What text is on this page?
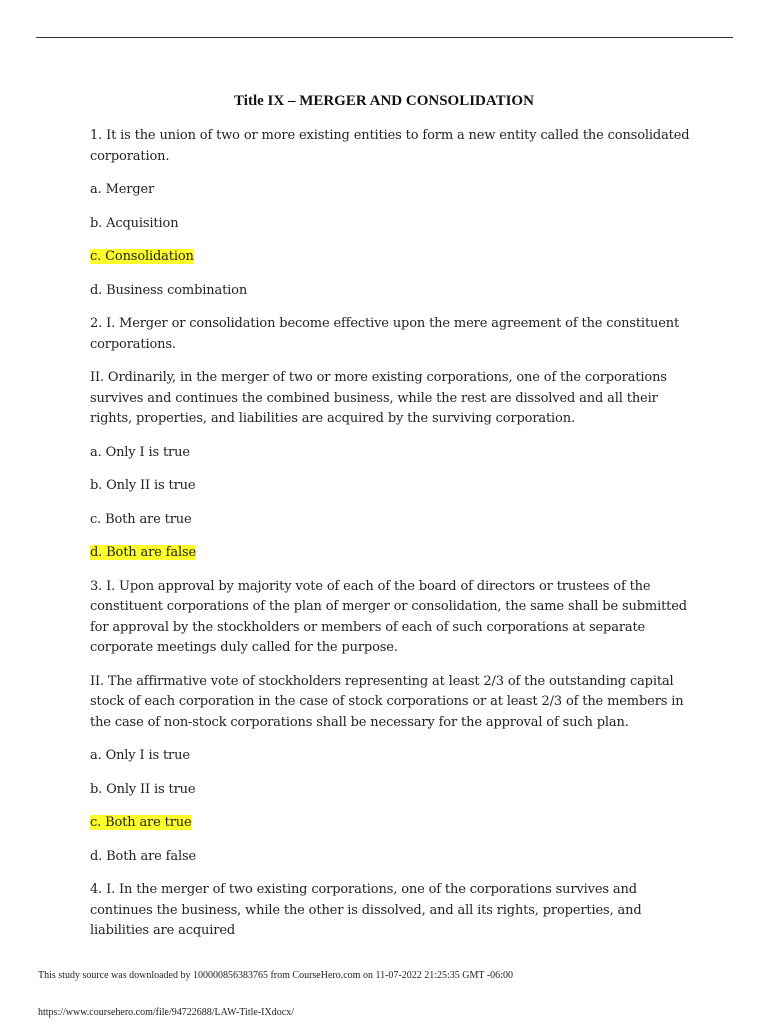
Title IX – MERGER AND CONSOLIDATION

1. It is the union of two or more existing entities to form a new entity called the consolidated corporation.

a. Merger

b. Acquisition

c. Consolidation

d. Business combination

2. I. Merger or consolidation become effective upon the mere agreement of the constituent corporations.

II. Ordinarily, in the merger of two or more existing corporations, one of the corporations survives and continues the combined business, while the rest are dissolved and all their rights, properties, and liabilities are acquired by the surviving corporation.

a. Only I is true

b. Only II is true

c. Both are true

d. Both are false

3. I. Upon approval by majority vote of each of the board of directors or trustees of the constituent corporations of the plan of merger or consolidation, the same shall be submitted for approval by the stockholders or members of each of such corporations at separate corporate meetings duly called for the purpose.

II. The affirmative vote of stockholders representing at least 2/3 of the outstanding capital stock of each corporation in the case of stock corporations or at least 2/3 of the members in the case of non-stock corporations shall be necessary for the approval of such plan.

a. Only I is true

b. Only II is true

c. Both are true

d. Both are false

4. I. In the merger of two existing corporations, one of the corporations survives and continues the business, while the other is dissolved, and all its rights, properties, and liabilities are acquired

This study source was downloaded by 100000856383765 from CourseHero.com on 11-07-2022 21:25:35 GMT -06:00
https://www.coursehero.com/file/94722688/LAW-Title-IXdocx/
